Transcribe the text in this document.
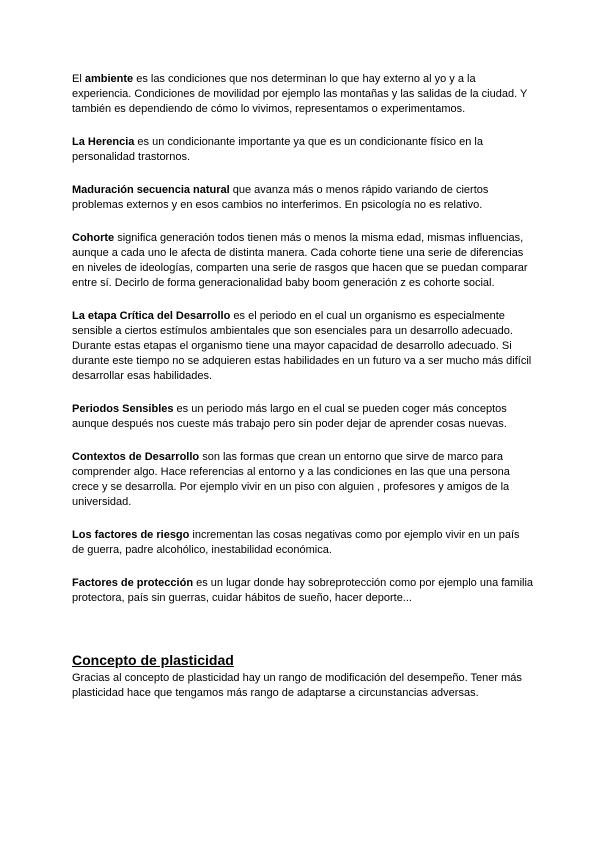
El ambiente es las condiciones que nos determinan lo que hay externo al yo y a la experiencia. Condiciones de movilidad por ejemplo las montañas y las salidas de la ciudad. Y también es dependiendo de cómo lo vivimos, representamos o experimentamos.

La Herencia es un condicionante importante ya que es un condicionante físico en la personalidad trastornos.

Maduración secuencia natural que avanza más o menos rápido variando de ciertos problemas externos y en esos cambios no interferimos. En psicología no es relativo.

Cohorte significa generación todos tienen más o menos la misma edad, mismas influencias, aunque a cada uno le afecta de distinta manera. Cada cohorte tiene una serie de diferencias en niveles de ideologías, comparten una serie de rasgos que hacen que se puedan comparar entre sí. Decirlo de forma generacionalidad baby boom generación z es cohorte social.

La etapa Crítica del Desarrollo es el periodo en el cual un organismo es especialmente sensible a ciertos estímulos ambientales que son esenciales para un desarrollo adecuado. Durante estas etapas el organismo tiene una mayor capacidad de desarrollo adecuado. Si durante este tiempo no se adquieren estas habilidades en un futuro va a ser mucho más difícil desarrollar esas habilidades.

Periodos Sensibles es un periodo más largo en el cual se pueden coger más conceptos aunque después nos cueste más trabajo pero sin poder dejar de aprender cosas nuevas.

Contextos de Desarrollo son las formas que crean un entorno que sirve de marco para comprender algo. Hace referencias al entorno y a las condiciones en las que una persona crece y se desarrolla. Por ejemplo vivir en un piso con alguien , profesores y amigos de la universidad.

Los factores de riesgo incrementan las cosas negativas como por ejemplo vivir en un país de guerra, padre alcohólico, inestabilidad económica.

Factores de protección es un lugar donde hay sobreprotección como por ejemplo una familia protectora, país sin guerras, cuidar hábitos de sueño, hacer deporte...

Concepto de plasticidad

Gracias al concepto de plasticidad hay un rango de modificación del desempeño. Tener más plasticidad hace que tengamos más rango de adaptarse a circunstancias adversas.
